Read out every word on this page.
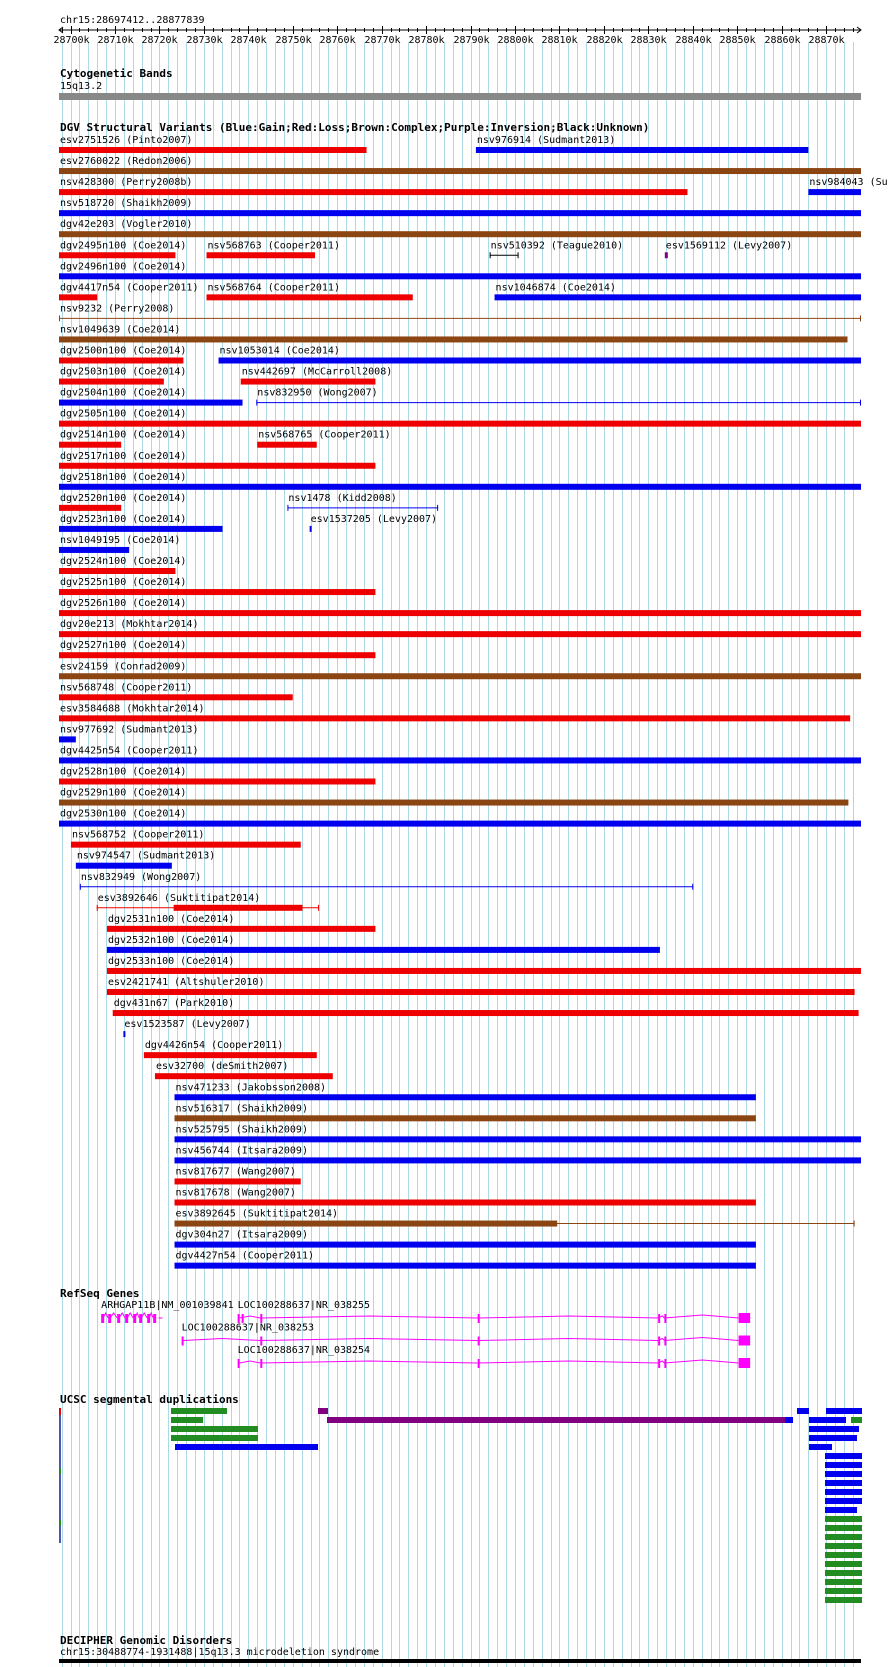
chr15:28697412..28877839
28700k 28710k 28720k 28730k 28740k 28750k 28760k 28770k 28780k 28790k 28800k 28810k 28820k 28830k 28840k 28850k 28860k 28870k
Cytogenetic Bands
15q13.2
DGV Structural Variants (Blue:Gain;Red:Loss;Brown:Complex;Purple:Inversion;Black:Unknown)
esv2751526 (Pinto2007)	nsv976914 (Sudmant2013)
esv2760022 (Redon2006)
nsv428300 (Perry2008b)	nsv984043 (Su
nsv518720 (Shaikh2009)
dgv42e203 (Vogler2010)
dgv2495n100 (Coe2014) nsv568763 (Cooper2011)	nsv510392 (Teague2010)	esv1569112 (Levy2007)
dgv2496n100 (Coe2014)
dgv4417n54 (Cooper2011) nsv568764 (Cooper2011)	nsv1046874 (Coe2014)
nsv9232 (Perry2008)
nsv1049639 (Coe2014)
dgv2500n100 (Coe2014)	nsv1053014 (Coe2014)
dgv2503n100 (Coe2014)	nsv442697 (McCarroll2008)
dgv2504n100 (Coe2014)	nsv832950 (Wong2007)
dgv2505n100 (Coe2014)
dgv2514n100 (Coe2014)	nsv568765 (Cooper2011)
dgv2517n100 (Coe2014)
dgv2518n100 (Coe2014)
dgv2520n100 (Coe2014)	nsv1478 (Kidd2008)
dgv2523n100 (Coe2014)	esv1537205 (Levy2007)
nsv1049195 (Coe2014)
dgv2524n100 (Coe2014)
dgv2525n100 (Coe2014)
dgv2526n100 (Coe2014)
dgv20e213 (Mokhtar2014)
dgv2527n100 (Coe2014)
esv24159 (Conrad2009)
nsv568748 (Cooper2011)
esv3584688 (Mokhtar2014)
nsv977692 (Sudmant2013)
dgv4425n54 (Cooper2011)
dgv2528n100 (Coe2014)
dgv2529n100 (Coe2014)
dgv2530n100 (Coe2014)
nsv568752 (Cooper2011)
nsv974547 (Sudmant2013)
nsv832949 (Wong2007)
esv3892646 (Suktitipat2014)
dgv2531n100 (Coe2014)
dgv2532n100 (Coe2014)
dgv2533n100 (Coe2014)
esv2421741 (Altshuler2010)
dgv431n67 (Park2010)
esv1523587 (Levy2007)
dgv4426n54 (Cooper2011)
esv32700 (deSmith2007)
nsv471233 (Jakobsson2008)
nsv516317 (Shaikh2009)
nsv525795 (Shaikh2009)
nsv456744 (Itsara2009)
nsv817677 (Wang2007)
nsv817678 (Wang2007)
esv3892645 (Suktitipat2014)
dgv304n27 (Itsara2009)
dgv4427n54 (Cooper2011)
RefSeq Genes
ARHGAP11B|NM_001039841 LOC100288637|NR_038255
LOC100288637|NR_038253
LOC100288637|NR_038254
UCSC segmental duplications
DECIPHER Genomic Disorders
chr15:30488774-1931488|15q13.3 microdeletion syndrome
